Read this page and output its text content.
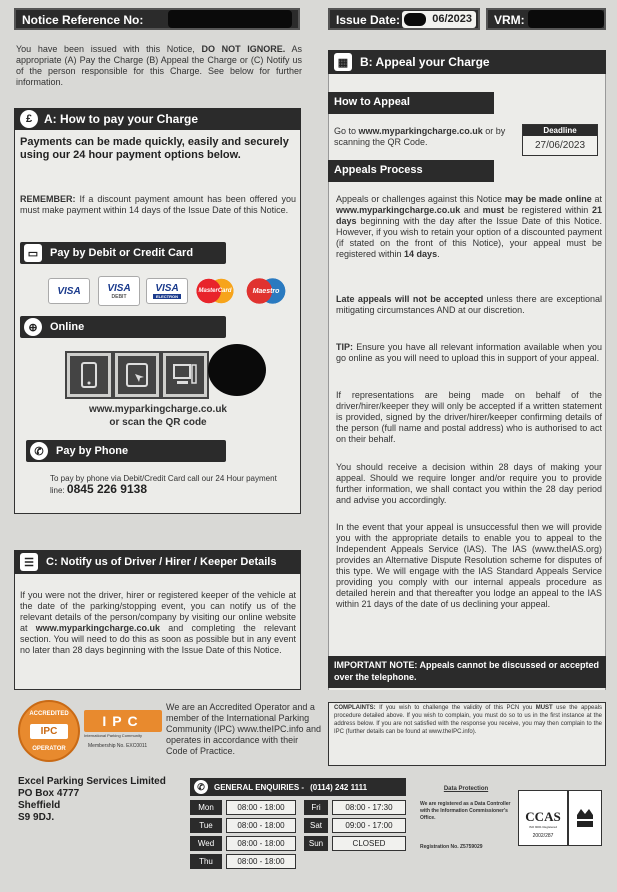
Notice Reference No:	Issue Date:	06/2023	VRM:
You have been issued with this Notice, DO NOT IGNORE. As appropriate (A) Pay the Charge (B) Appeal the Charge or (C) Notify us of the person responsible for this Charge. See below for further information.
£ A: How to pay your Charge
Payments can be made quickly, easily and securely using our 24 hour payment options below.
REMEMBER: If a discount payment amount has been offered you must make payment within 14 days of the Issue Date of this Notice.
▭	Pay by Debit or Credit Card
VISA	VISA
DEBIT
VISA
ELECTRON
MasterCard	Maestro
⊕	Online
www.myparkingcharge.co.uk
or scan the QR code
✆	Pay by Phone
To pay by phone via Debit/Credit Card call our 24 Hour payment line: 0845 226 9138
☰	C: Notify us of Driver / Hirer / Keeper Details
If you were not the driver, hirer or registered keeper of the vehicle at the date of the parking/stopping event, you can notify us of the relevant details of the person/company by visiting our online website at www.myparkingcharge.co.uk and completing the relevant section. You will need to do this as soon as possible but in any event no later than 28 days beginning with the Issue Date of this Notice.
▦ B: Appeal your Charge
How to Appeal
Go to www.myparkingcharge.co.uk or by scanning the QR Code.
Deadline
27/06/2023
Appeals Process
Appeals or challenges against this Notice may be made online at www.myparkingcharge.co.uk and must be registered within 21 days beginning with the day after the Issue Date of this Notice. However, if you wish to retain your option of a discounted payment (if stated on the front of this Notice), your appeal must be registered within 14 days.
Late appeals will not be accepted unless there are exceptional mitigating circumstances AND at our discretion.
TIP: Ensure you have all relevant information available when you go online as you will need to upload this in support of your appeal.
If representations are being made on behalf of the driver/hirer/keeper they will only be accepted if a written statement is provided, signed by the driver/hirer/keeper confirming details of the person (full name and postal address) who is authorised to act on their behalf.
You should receive a decision within 28 days of making your appeal. Should we require longer and/or require you to provide further information, we shall contact you within the 28 day period and advise you accordingly.
In the event that your appeal is unsuccessful then we will provide you with the appropriate details to enable you to appeal to the Independent Appeals Service (IAS). The IAS (www.theIAS.org) provides an Alternative Dispute Resolution scheme for disputes of this type. We will engage with the IAS Standard Appeals Service providing you comply with our internal appeals procedure as detailed herein and that thereafter you lodge an appeal to the IAS within 21 days of the date of us declining your appeal.
IMPORTANT NOTE: Appeals cannot be discussed or accepted over the telephone.
ACCREDITED
IPC
OPERATOR
IPC
International Parking Community
Membership No. EXC0011
We are an Accredited Operator and a member of the International Parking Community (IPC) www.theIPC.info and operates in accordance with their Code of Practice.
COMPLAINTS: If you wish to challenge the validity of this PCN you MUST use the appeals procedure detailed above. If you wish to complain, you must do so to us in the first instance at the address below. If you are not satisfied with the response you receive, you may then complain to the IPC (further details can be found at www.theIPC.info).
Excel Parking Services Limited
PO Box 4777
Sheffield
S9 9DJ.
✆	GENERAL ENQUIRIES - (0114) 242 1111
Mon	08:00 - 18:00
Tue	08:00 - 18:00
Wed	08:00 - 18:00
Thu	08:00 - 18:00
Fri	08:00 - 17:30
Sat	09:00 - 17:00
Sun	CLOSED
Data Protection
We are registered as a Data Controller with the Information Commissioner's Office.
Registration No. Z5759029
CCAS
ISO 9001 Registered
2002/287
